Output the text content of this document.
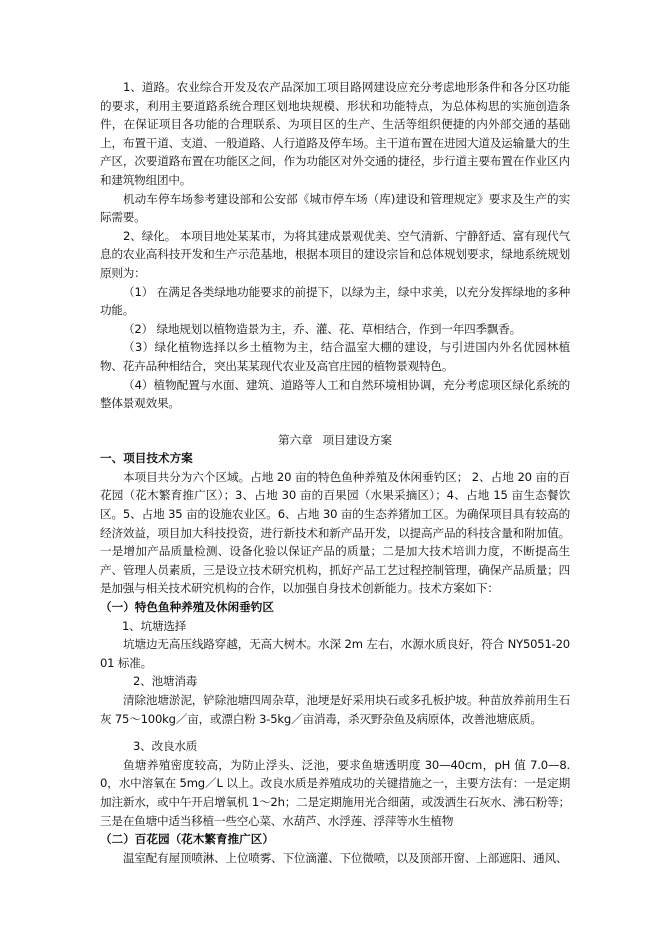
1、道路。农业综合开发及农产品深加工项目路网建设应充分考虑地形条件和各分区功能的要求，利用主要道路系统合理区划地块规模、形状和功能特点，为总体构思的实施创造条件，在保证项目各功能的合理联系、为项目区的生产、生活等组织便捷的内外部交通的基础上，布置干道、支道、一般道路、人行道路及停车场。主干道布置在进园大道及运输量大的生产区，次要道路布置在功能区之间，作为功能区对外交通的捷径，步行道主要布置在作业区内和建筑物组团中。

机动车停车场参考建设部和公安部《城市停车场（库)建设和管理规定》要求及生产的实际需要。

2、绿化。 本项目地处某某市，为将其建成景观优美、空气清新、宁静舒适、富有现代气息的农业高科技开发和生产示范基地，根据本项目的建设宗旨和总体规划要求，绿地系统规划原则为：

（1） 在满足各类绿地功能要求的前提下，以绿为主，绿中求美，以充分发挥绿地的多种功能。

（2） 绿地规划以植物造景为主，乔、灌、花、草相结合，作到一年四季飘香。

（3）绿化植物选择以乡土植物为主，结合温室大棚的建设，与引进国内外名优园林植物、花卉品种相结合，突出某某现代农业及高官庄园的植物景观特色。

（4）植物配置与水面、建筑、道路等人工和自然环境相协调，充分考虑项区绿化系统的整体景观效果。

第六章 项目建设方案
一、项目技术方案

本项目共分为六个区域。占地 20 亩的特色鱼种养殖及休闲垂钓区； 2、占地 20 亩的百花园（花木繁育推广区）；3、占地 30 亩的百果园（水果采摘区）；4、占地 15 亩生态餐饮区。5、占地 35 亩的设施农业区。6、占地 30 亩的生态养猪加工区。为确保项目具有较高的经济效益，项目加大科技投资，进行新技术和新产品开发，以提高产品的科技含量和附加值。一是增加产品质量检测、设备化验以保证产品的质量；二是加大技术培训力度，不断提高生产、管理人员素质，三是设立技术研究机构，抓好产品工艺过程控制管理，确保产品质量；四是加强与相关技术研究机构的合作，以加强自身技术创新能力。技术方案如下：

（一）特色鱼种养殖及休闲垂钓区

1、坑塘选择

坑塘边无高压线路穿越，无高大树木。水深 2m 左右，水源水质良好，符合 NY5051-2001 标准。

2、池塘消毒

清除池塘淤泥，铲除池塘四周杂草，池埂是好采用块石或多孔板护坡。种苗放养前用生石灰 75～100kg／亩，或漂白粉 3-5kg／亩消毒，杀灭野杂鱼及病原体，改善池塘底质。

3、改良水质

鱼塘养殖密度较高，为防止浮头、泛池，要求鱼塘透明度 30—40cm，pH 值 7.0—8.0，水中溶氧在 5mg／L 以上。改良水质是养殖成功的关键措施之一，主要方法有：一是定期加注新水，或中午开启增氧机 1～2h；二是定期施用光合细菌，或泼洒生石灰水、沸石粉等；三是在鱼塘中适当移植一些空心菜、水葫芦、水浮莲、浮萍等水生植物

（二）百花园（花木繁育推广区）

温室配有屋顶喷淋、上位喷雾、下位滴灌、下位微喷，以及顶部开窗、上部遮阳、通风、
